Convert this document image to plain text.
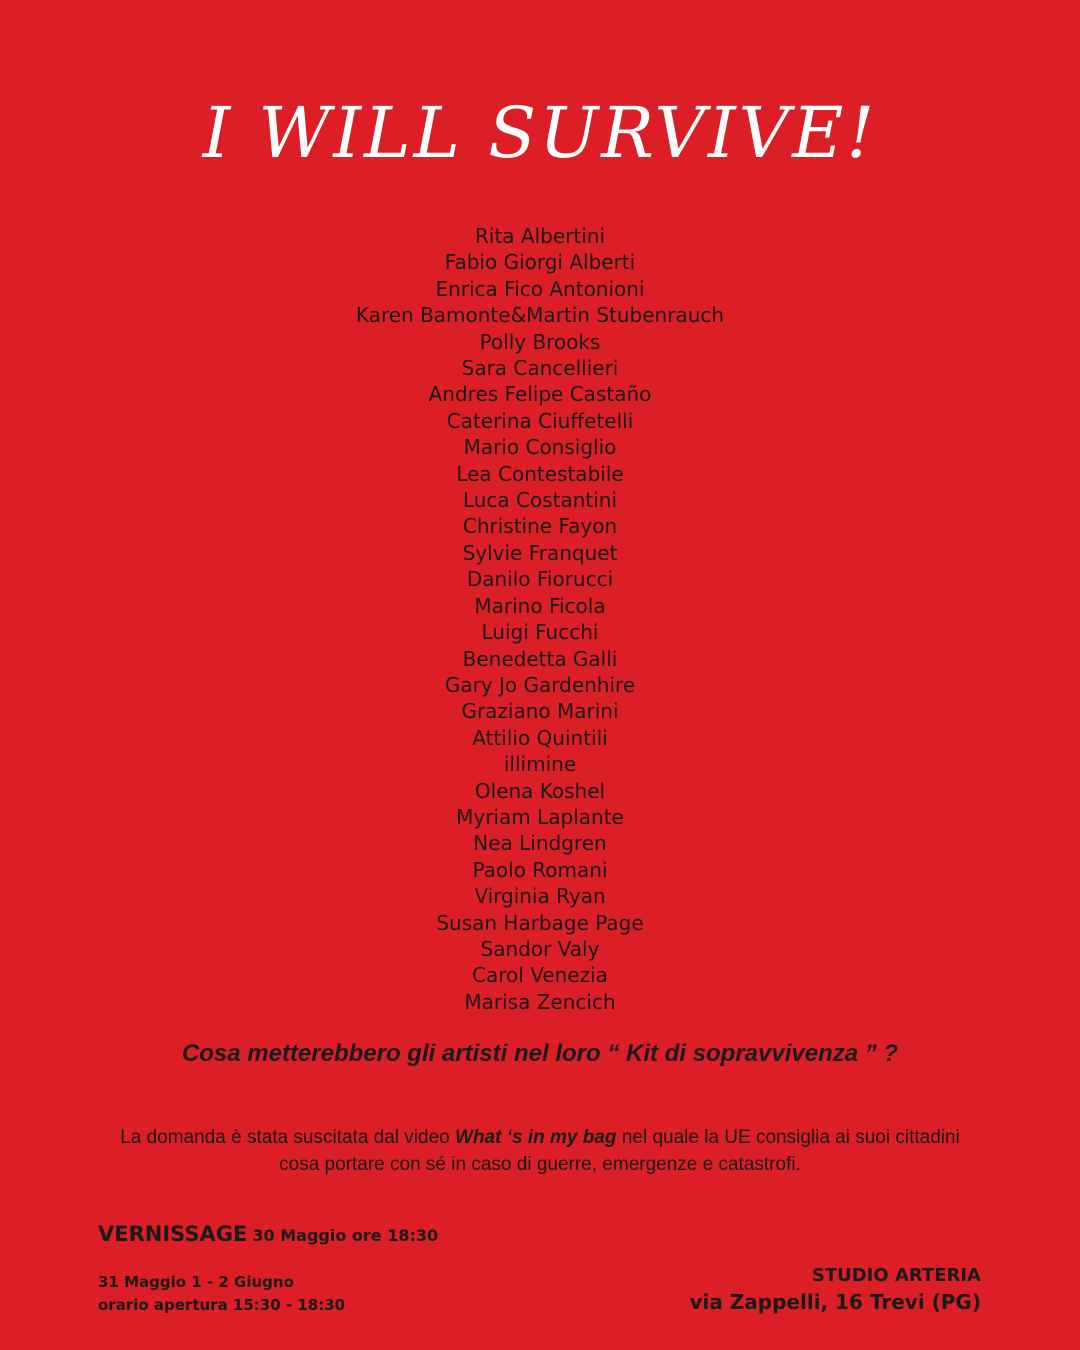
I WILL SURVIVE!
Rita Albertini
Fabio Giorgi Alberti
Enrica Fico Antonioni
Karen Bamonte&Martin Stubenrauch
Polly Brooks
Sara Cancellieri
Andres Felipe Castaño
Caterina Ciuffetelli
Mario Consiglio
Lea Contestabile
Luca Costantini
Christine Fayon
Sylvie Franquet
Danilo Fiorucci
Marino Ficola
Luigi Fucchi
Benedetta Galli
Gary Jo Gardenhire
Graziano Marini
Attilio Quintili
illimine
Olena Koshel
Myriam Laplante
Nea Lindgren
Paolo Romani
Virginia Ryan
Susan Harbage Page
Sandor Valy
Carol Venezia
Marisa Zencich

Cosa metterebbero gli artisti nel loro “ Kit di sopravvivenza ” ?

La domanda è stata suscitata dal video What ‘s in my bag nel quale la UE consiglia ai suoi cittadini
cosa portare con sé in caso di guerre, emergenze e catastrofi.

VERNISSAGE 30 Maggio ore 18:30

31 Maggio 1 - 2 Giugno
orario apertura 15:30 - 18:30

STUDIO ARTERIA
via Zappelli, 16 Trevi (PG)
